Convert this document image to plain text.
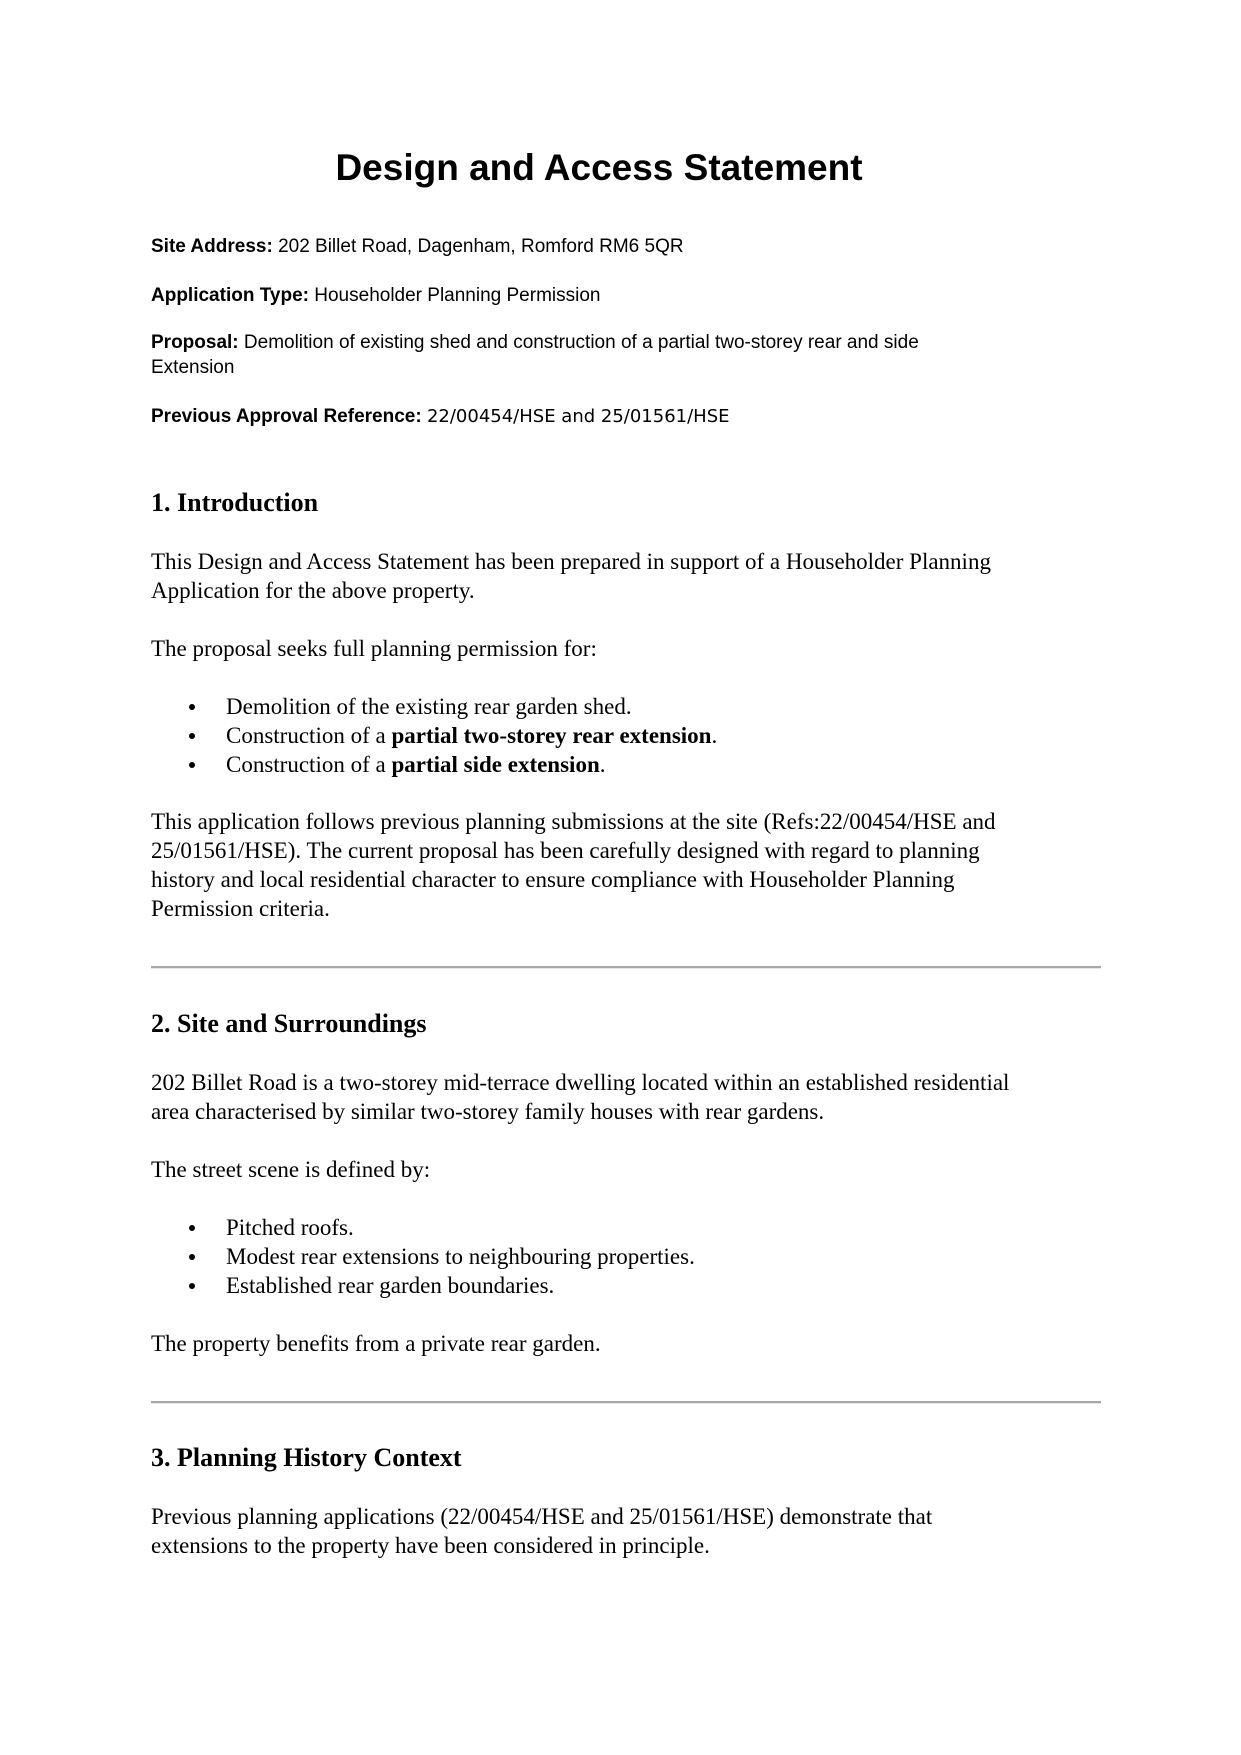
Design and Access Statement

Site Address: 202 Billet Road, Dagenham, Romford RM6 5QR

Application Type: Householder Planning Permission

Proposal: Demolition of existing shed and construction of a partial two-storey rear and side
Extension

Previous Approval Reference: 22/00454/HSE and 25/01561/HSE

1. Introduction

This Design and Access Statement has been prepared in support of a Householder Planning
Application for the above property.

The proposal seeks full planning permission for:

Demolition of the existing rear garden shed.
Construction of a partial two-storey rear extension.
Construction of a partial side extension.

This application follows previous planning submissions at the site (Refs:22/00454/HSE and
25/01561/HSE). The current proposal has been carefully designed with regard to planning
history and local residential character to ensure compliance with Householder Planning
Permission criteria.

2. Site and Surroundings

202 Billet Road is a two-storey mid-terrace dwelling located within an established residential
area characterised by similar two-storey family houses with rear gardens.

The street scene is defined by:

Pitched roofs.
Modest rear extensions to neighbouring properties.
Established rear garden boundaries.

The property benefits from a private rear garden.

3. Planning History Context

Previous planning applications (22/00454/HSE and 25/01561/HSE) demonstrate that
extensions to the property have been considered in principle.
